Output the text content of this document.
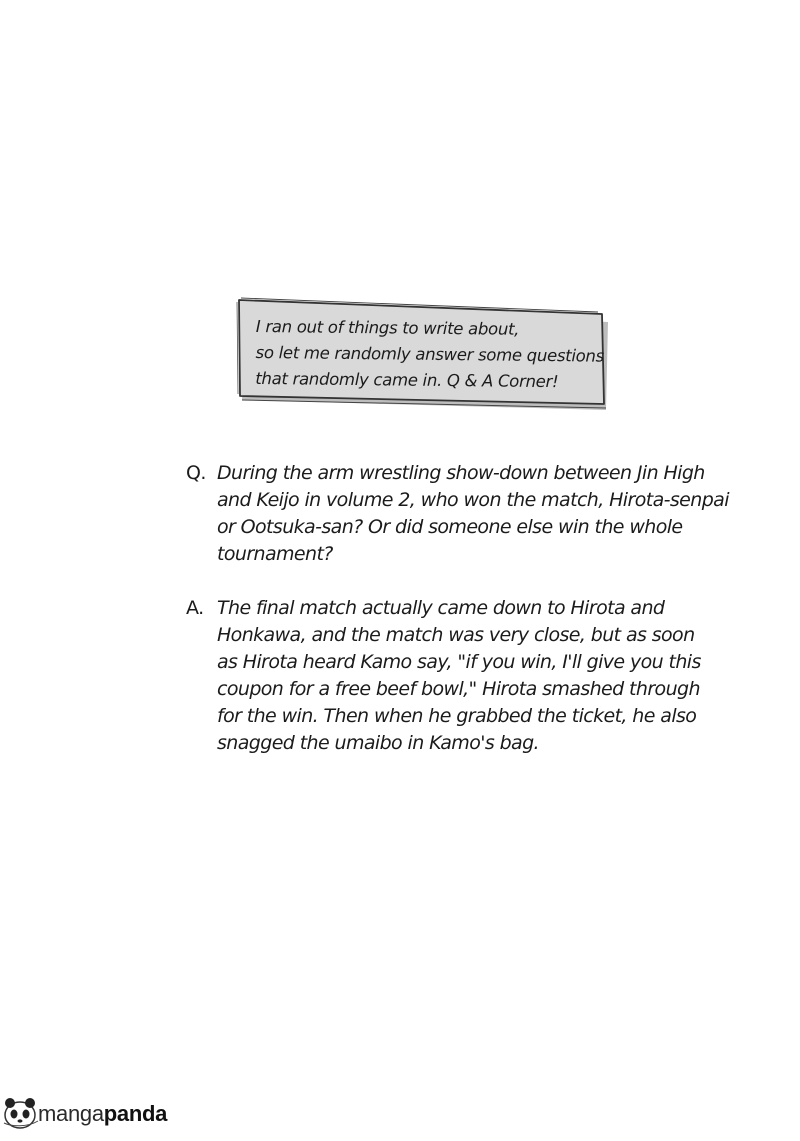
I ran out of things to write about,
so let me randomly answer some questions
that randomly came in. Q & A Corner!
Q. During the arm wrestling show-down between Jin High
and Keijo in volume 2, who won the match, Hirota-senpai
or Ootsuka-san? Or did someone else win the whole
tournament?
A. The final match actually came down to Hirota and
Honkawa, and the match was very close, but as soon
as Hirota heard Kamo say, "if you win, I'll give you this
coupon for a free beef bowl," Hirota smashed through
for the win. Then when he grabbed the ticket, he also
snagged the umaibo in Kamo's bag.
mangapanda
